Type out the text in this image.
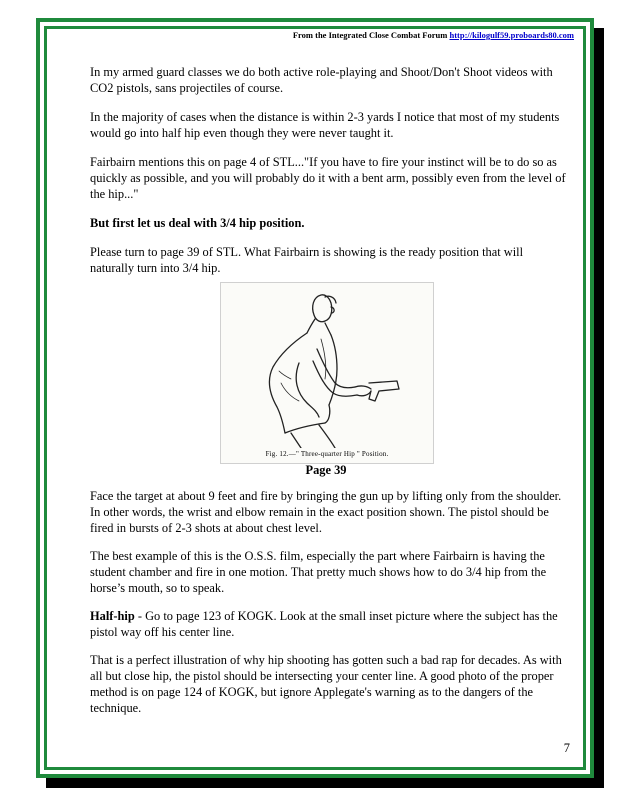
From the Integrated Close Combat Forum http://kilogulf59.proboards80.com

In my armed guard classes we do both active role-playing and Shoot/Don't Shoot videos with CO2 pistols, sans projectiles of course.

In the majority of cases when the distance is within 2-3 yards I notice that most of my students would go into half hip even though they were never taught it.

Fairbairn mentions this on page 4 of STL..."If you have to fire your instinct will be to do so as quickly as possible, and you will probably do it with a bent arm, possibly even from the level of the hip..."

But first let us deal with 3/4 hip position.

Please turn to page 39 of STL. What Fairbairn is showing is the ready position that will naturally turn into 3/4 hip.

Fig. 12.—" Three-quarter Hip " Position.
Page 39

Face the target at about 9 feet and fire by bringing the gun up by lifting only from the shoulder. In other words, the wrist and elbow remain in the exact position shown. The pistol should be fired in bursts of 2-3 shots at about chest level.

The best example of this is the O.S.S. film, especially the part where Fairbairn is having the student chamber and fire in one motion. That pretty much shows how to do 3/4 hip from the horse’s mouth, so to speak.

Half-hip - Go to page 123 of KOGK. Look at the small inset picture where the subject has the pistol way off his center line.

That is a perfect illustration of why hip shooting has gotten such a bad rap for decades. As with all but close hip, the pistol should be intersecting your center line. A good photo of the proper method is on page 124 of KOGK, but ignore Applegate's warning as to the dangers of the technique.

7
